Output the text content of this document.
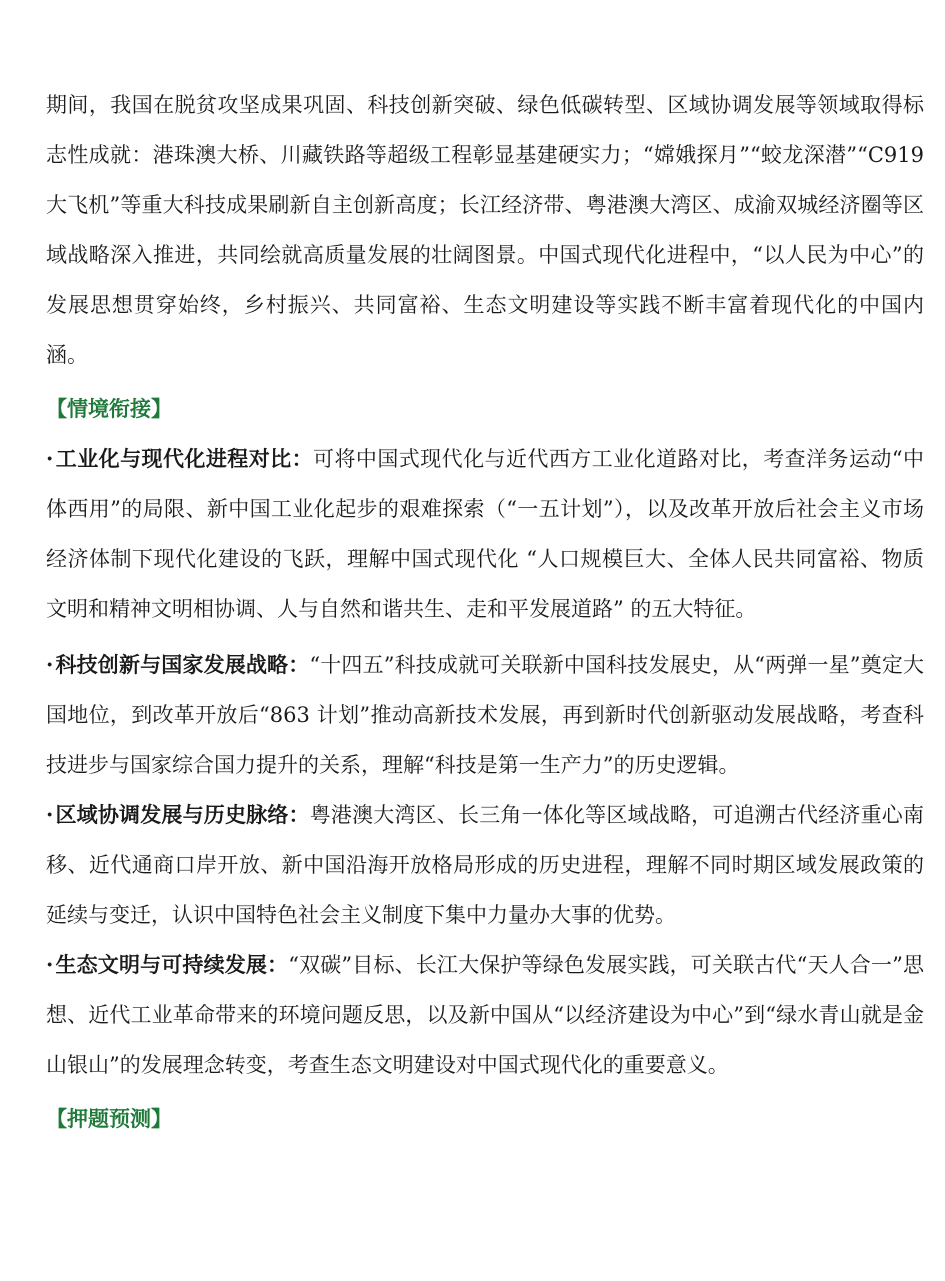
期间，我国在脱贫攻坚成果巩固、科技创新突破、绿色低碳转型、区域协调发展等领域取得标志性成就：港珠澳大桥、川藏铁路等超级工程彰显基建硬实力；“嫦娥探月”“蛟龙深潜”“C919大飞机”等重大科技成果刷新自主创新高度；长江经济带、粤港澳大湾区、成渝双城经济圈等区域战略深入推进，共同绘就高质量发展的壮阔图景。中国式现代化进程中，“以人民为中心”的发展思想贯穿始终，乡村振兴、共同富裕、生态文明建设等实践不断丰富着现代化的中国内涵。

【情境衔接】

·工业化与现代化进程对比：可将中国式现代化与近代西方工业化道路对比，考查洋务运动“中体西用”的局限、新中国工业化起步的艰难探索（“一五计划”），以及改革开放后社会主义市场经济体制下现代化建设的飞跃，理解中国式现代化 “人口规模巨大、全体人民共同富裕、物质文明和精神文明相协调、人与自然和谐共生、走和平发展道路” 的五大特征。

·科技创新与国家发展战略：“十四五”科技成就可关联新中国科技发展史，从“两弹一星”奠定大国地位，到改革开放后“863 计划”推动高新技术发展，再到新时代创新驱动发展战略，考查科技进步与国家综合国力提升的关系，理解“科技是第一生产力”的历史逻辑。

·区域协调发展与历史脉络：粤港澳大湾区、长三角一体化等区域战略，可追溯古代经济重心南移、近代通商口岸开放、新中国沿海开放格局形成的历史进程，理解不同时期区域发展政策的延续与变迁，认识中国特色社会主义制度下集中力量办大事的优势。

·生态文明与可持续发展：“双碳”目标、长江大保护等绿色发展实践，可关联古代“天人合一”思想、近代工业革命带来的环境问题反思，以及新中国从“以经济建设为中心”到“绿水青山就是金山银山”的发展理念转变，考查生态文明建设对中国式现代化的重要意义。

【押题预测】
